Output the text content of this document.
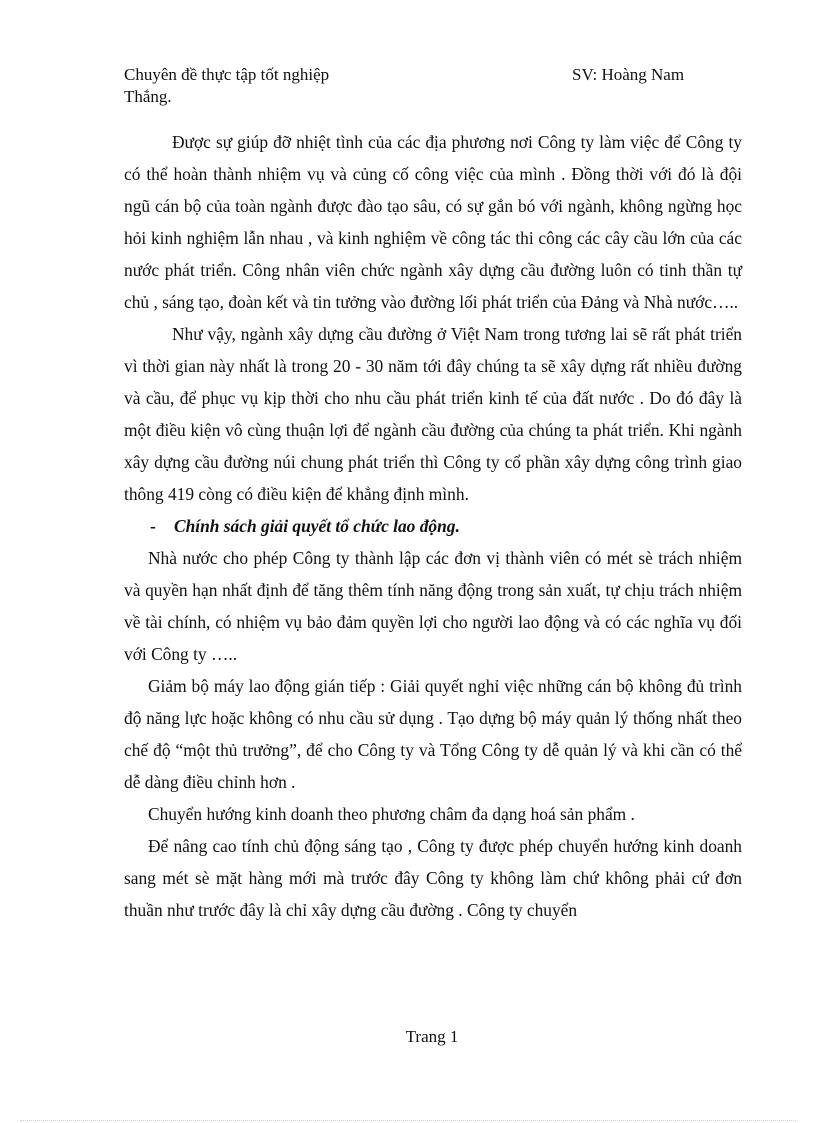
Chuyên đề thực tập tốt nghiệp	SV: Hoàng Nam
Thắng.

Được sự giúp đỡ nhiệt tình của các địa phương nơi Công ty làm việc để Công ty có thể hoàn thành nhiệm vụ và củng cố công việc của mình . Đồng thời với đó là đội ngũ cán bộ của toàn ngành được đào tạo sâu, có sự gắn bó với ngành, không ngừng học hỏi kinh nghiệm lẫn nhau , và kinh nghiệm về công tác thi công các cây cầu lớn của các nước phát triển. Công nhân viên chức ngành xây dựng cầu đường luôn có tinh thần tự chủ , sáng tạo, đoàn kết và tin tưởng vào đường lối phát triển của Đảng và Nhà nước…..

Như vậy, ngành xây dựng cầu đường ở Việt Nam trong tương lai sẽ rất phát triển vì thời gian này nhất là trong 20 - 30 năm tới đây chúng ta sẽ xây dựng rất nhiều đường và cầu, để phục vụ kịp thời cho nhu cầu phát triển kinh tế của đất nước . Do đó đây là một điều kiện vô cùng thuận lợi để ngành cầu đường của chúng ta phát triển. Khi ngành xây dựng cầu đường núi chung phát triển thì Công ty cổ phần xây dựng công trình giao thông 419 còng có điều kiện để khẳng định mình.

- Chính sách giải quyết tổ chức lao động.

Nhà nước cho phép Công ty thành lập các đơn vị thành viên có mét sè trách nhiệm và quyền hạn nhất định để tăng thêm tính năng động trong sản xuất, tự chịu trách nhiệm về tài chính, có nhiệm vụ bảo đảm quyền lợi cho người lao động và có các nghĩa vụ đối với Công ty …..

Giảm bộ máy lao động gián tiếp : Giải quyết nghỉ việc những cán bộ không đủ trình độ năng lực hoặc không có nhu cầu sử dụng . Tạo dựng bộ máy quản lý thống nhất theo chế độ “một thủ trưởng”, để cho Công ty và Tổng Công ty dễ quản lý và khi cần có thể dễ dàng điều chỉnh hơn .

Chuyển hướng kinh doanh theo phương châm đa dạng hoá sản phẩm .

Để nâng cao tính chủ động sáng tạo , Công ty được phép chuyển hướng kinh doanh sang mét sè mặt hàng mới mà trước đây Công ty không làm chứ không phải cứ đơn thuần như trước đây là chỉ xây dựng cầu đường . Công ty chuyển

Trang 1
